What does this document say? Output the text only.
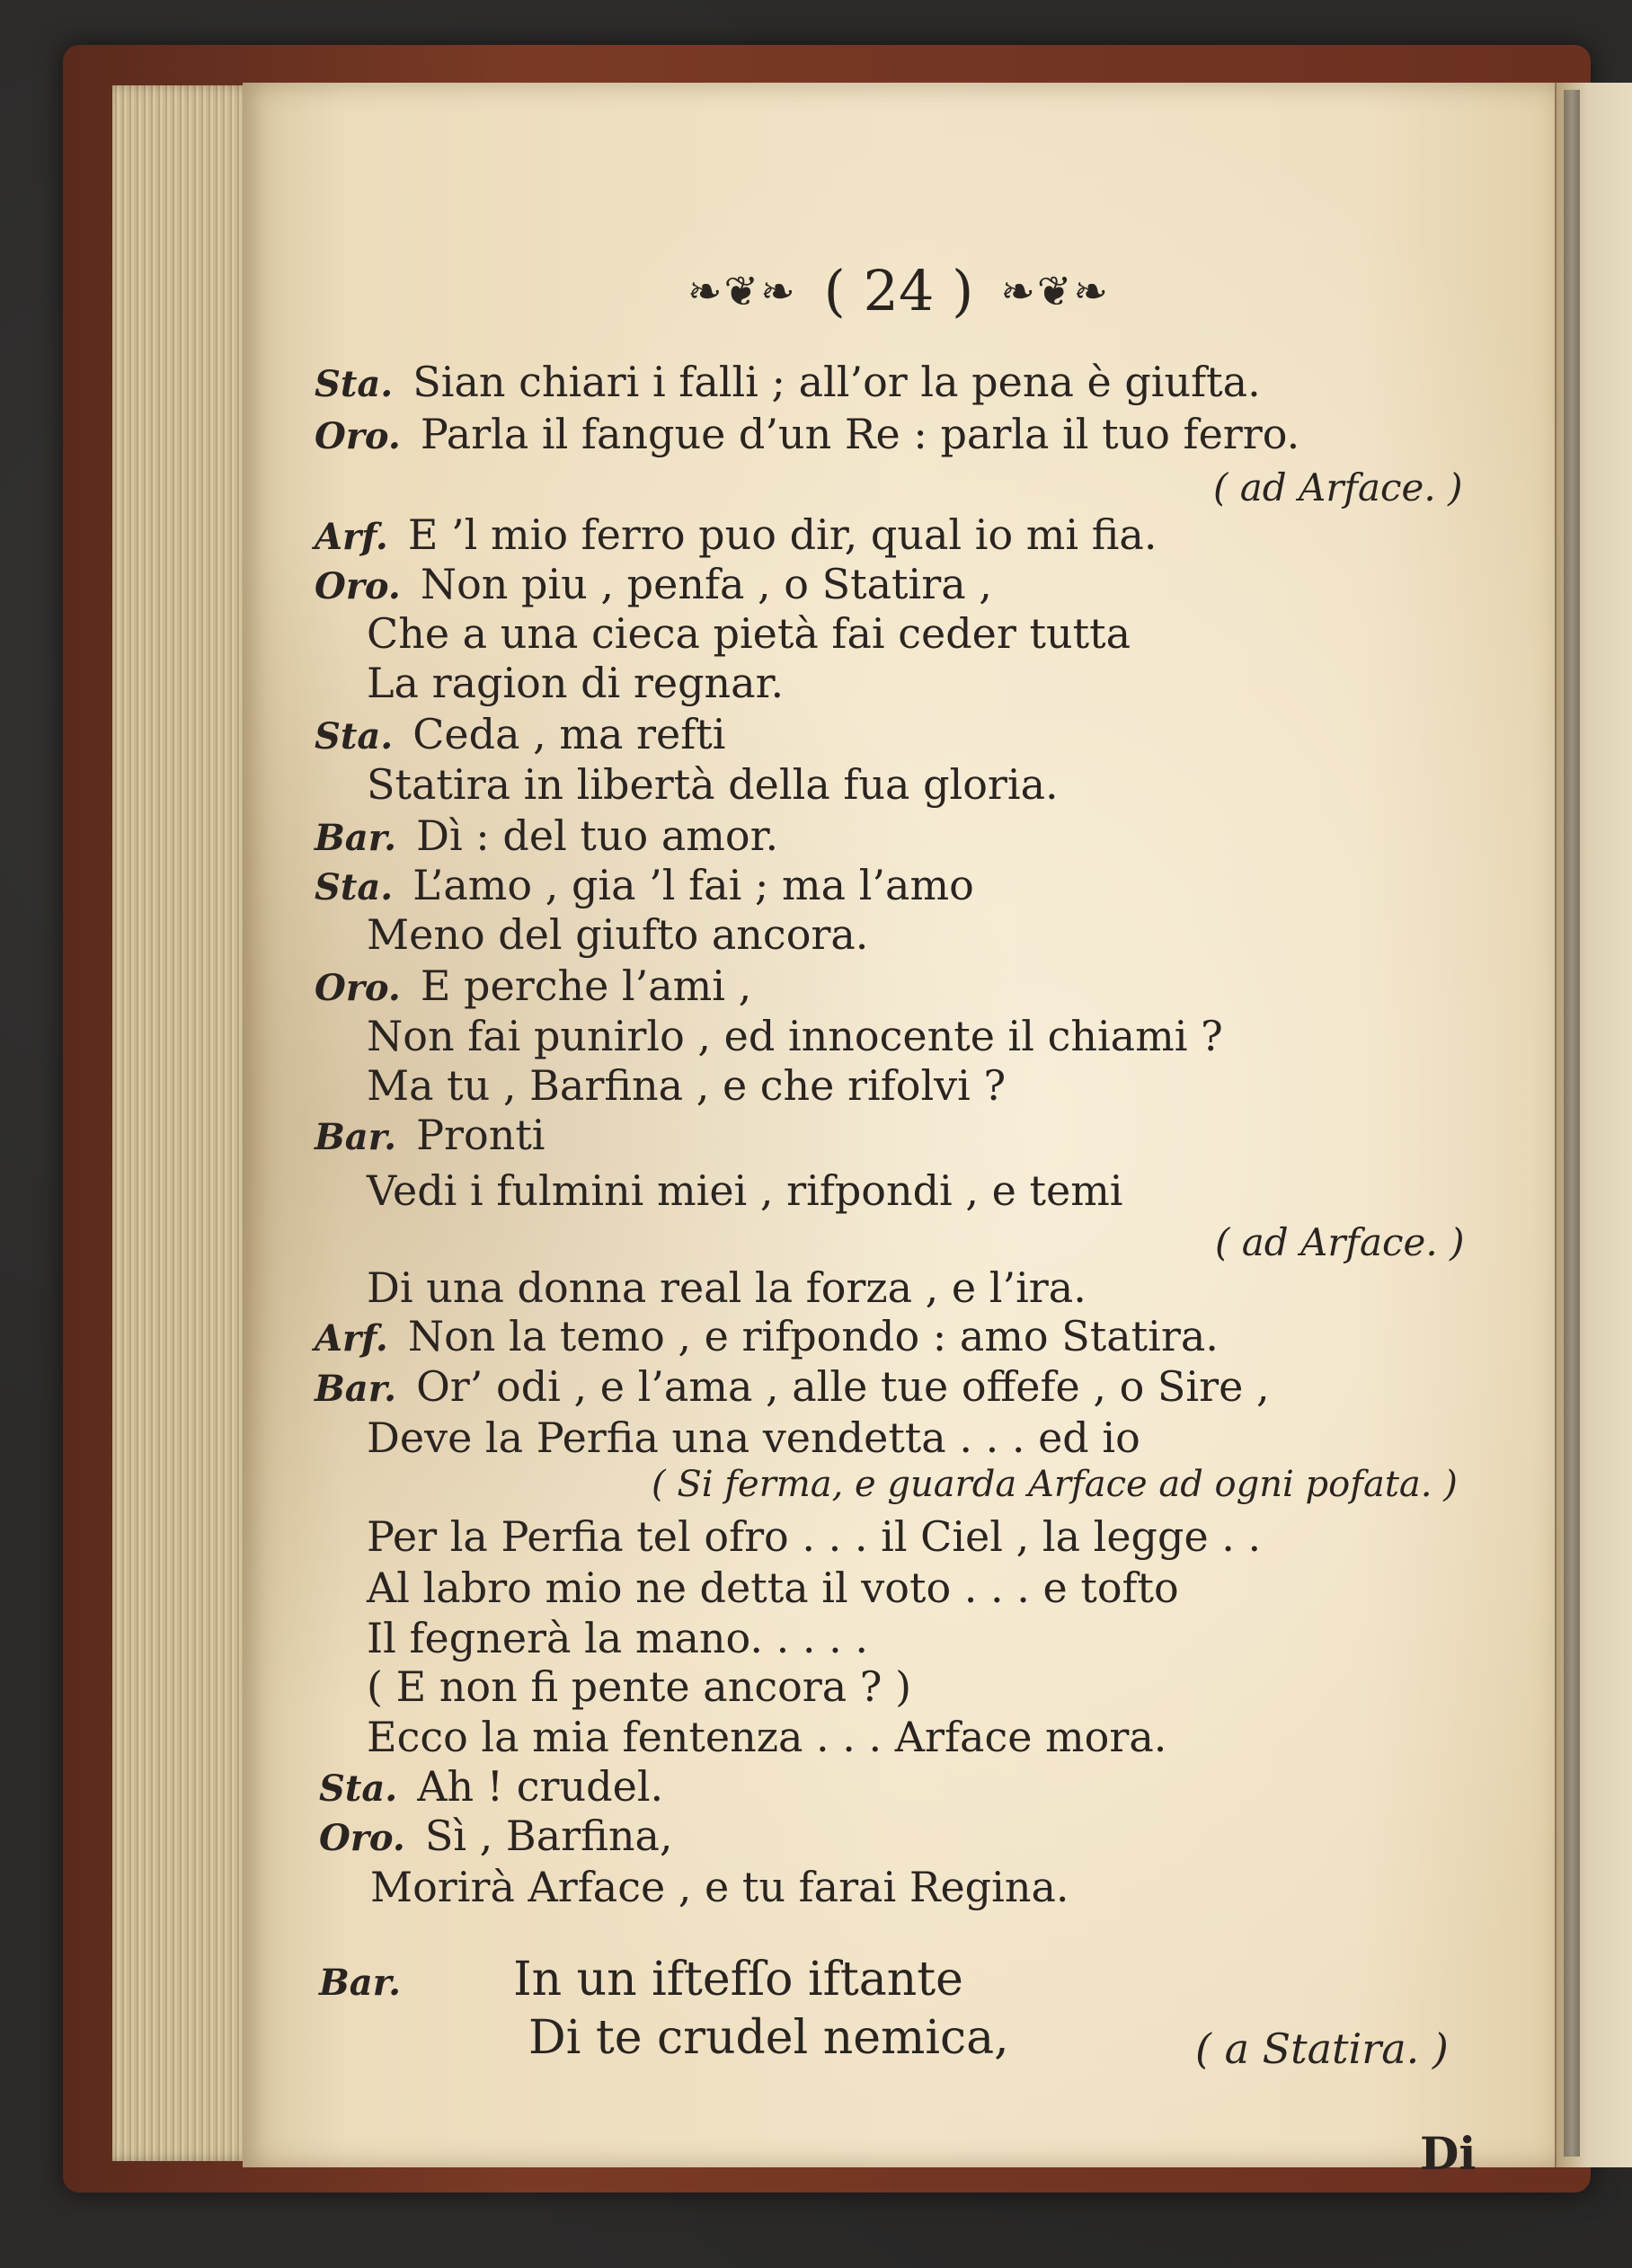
❧❦❧ ( 24 ) ❧❦❧
Sta. Sian chiari i falli ; all’or la pena è giufta.
Oro. Parla il fangue d’un Re : parla il tuo ferro.
( ad Arface. )
Arf. E ’l mio ferro puo dir, qual io mi fia.
Oro. Non piu , penfa , o Statira ,
Che a una cieca pietà fai ceder tutta
La ragion di regnar.
Sta. Ceda , ma refti
Statira in libertà della fua gloria.
Bar. Dì : del tuo amor.
Sta. L’amo , gia ’l fai ; ma l’amo
Meno del giufto ancora.
Oro. E perche l’ami ,
Non fai punirlo , ed innocente il chiami ?
Ma tu , Barfina , e che rifolvi ?
Bar. Pronti
Vedi i fulmini miei , rifpondi , e temi
( ad Arface. )
Di una donna real la forza , e l’ira.
Arf. Non la temo , e rifpondo : amo Statira.
Bar. Or’ odi , e l’ama , alle tue offefe , o Sire ,
Deve la Perfia una vendetta . . . ed io
( Si ferma, e guarda Arface ad ogni pofata. )
Per la Perfia tel ofro . . . il Ciel , la legge . .
Al labro mio ne detta il voto . . . e tofto
Il fegnerà la mano. . . . .
( E non fi pente ancora ? )
Ecco la mia fentenza . . . Arface mora.
Sta. Ah ! crudel.
Oro. Sì , Barfina,
Morirà Arface , e tu farai Regina.
Bar. In un iftefſo iftante
Di te crudel nemica,	( a Statira. )
Di
